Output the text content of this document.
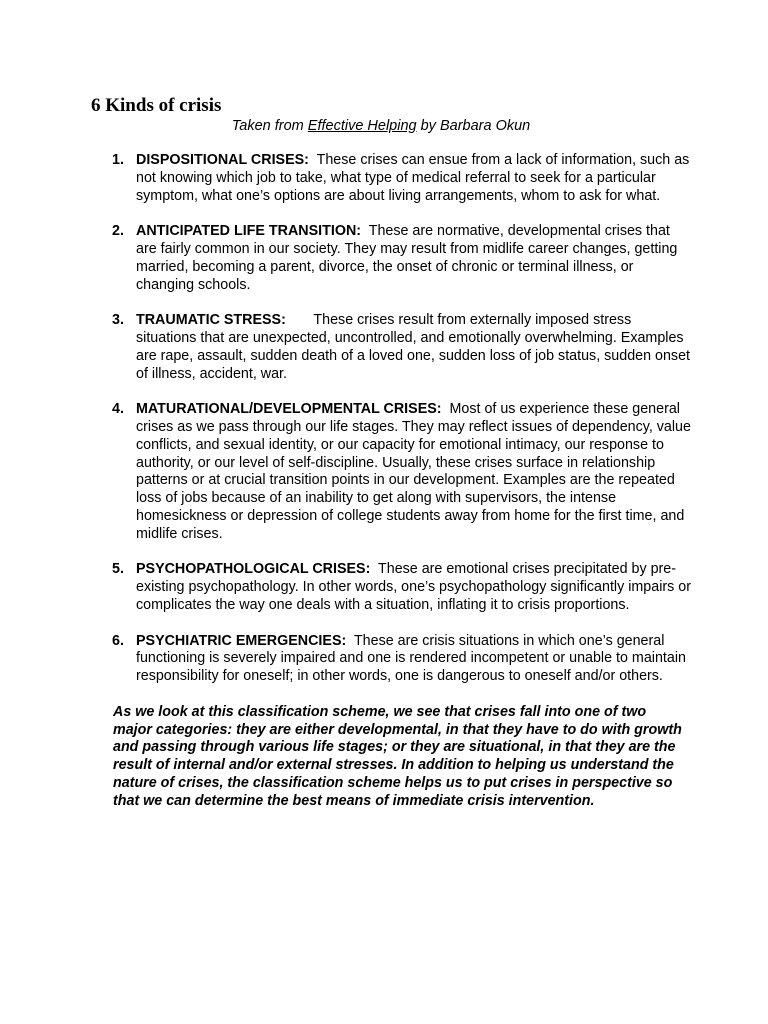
6 Kinds of crisis

Taken from Effective Helping by Barbara Okun

1. DISPOSITIONAL CRISES: These crises can ensue from a lack of information, such as not knowing which job to take, what type of medical referral to seek for a particular symptom, what one’s options are about living arrangements, whom to ask for what.
2. ANTICIPATED LIFE TRANSITION: These are normative, developmental crises that are fairly common in our society. They may result from midlife career changes, getting married, becoming a parent, divorce, the onset of chronic or terminal illness, or changing schools.
3. TRAUMATIC STRESS: These crises result from externally imposed stress situations that are unexpected, uncontrolled, and emotionally overwhelming. Examples are rape, assault, sudden death of a loved one, sudden loss of job status, sudden onset of illness, accident, war.
4. MATURATIONAL/DEVELOPMENTAL CRISES: Most of us experience these general crises as we pass through our life stages. They may reflect issues of dependency, value conflicts, and sexual identity, or our capacity for emotional intimacy, our response to authority, or our level of self-discipline. Usually, these crises surface in relationship patterns or at crucial transition points in our development. Examples are the repeated loss of jobs because of an inability to get along with supervisors, the intense homesickness or depression of college students away from home for the first time, and midlife crises.
5. PSYCHOPATHOLOGICAL CRISES: These are emotional crises precipitated by pre-existing psychopathology. In other words, one’s psychopathology significantly impairs or complicates the way one deals with a situation, inflating it to crisis proportions.
6. PSYCHIATRIC EMERGENCIES: These are crisis situations in which one’s general functioning is severely impaired and one is rendered incompetent or unable to maintain responsibility for oneself; in other words, one is dangerous to oneself and/or others.

As we look at this classification scheme, we see that crises fall into one of two major categories: they are either developmental, in that they have to do with growth and passing through various life stages; or they are situational, in that they are the result of internal and/or external stresses. In addition to helping us understand the nature of crises, the classification scheme helps us to put crises in perspective so that we can determine the best means of immediate crisis intervention.
